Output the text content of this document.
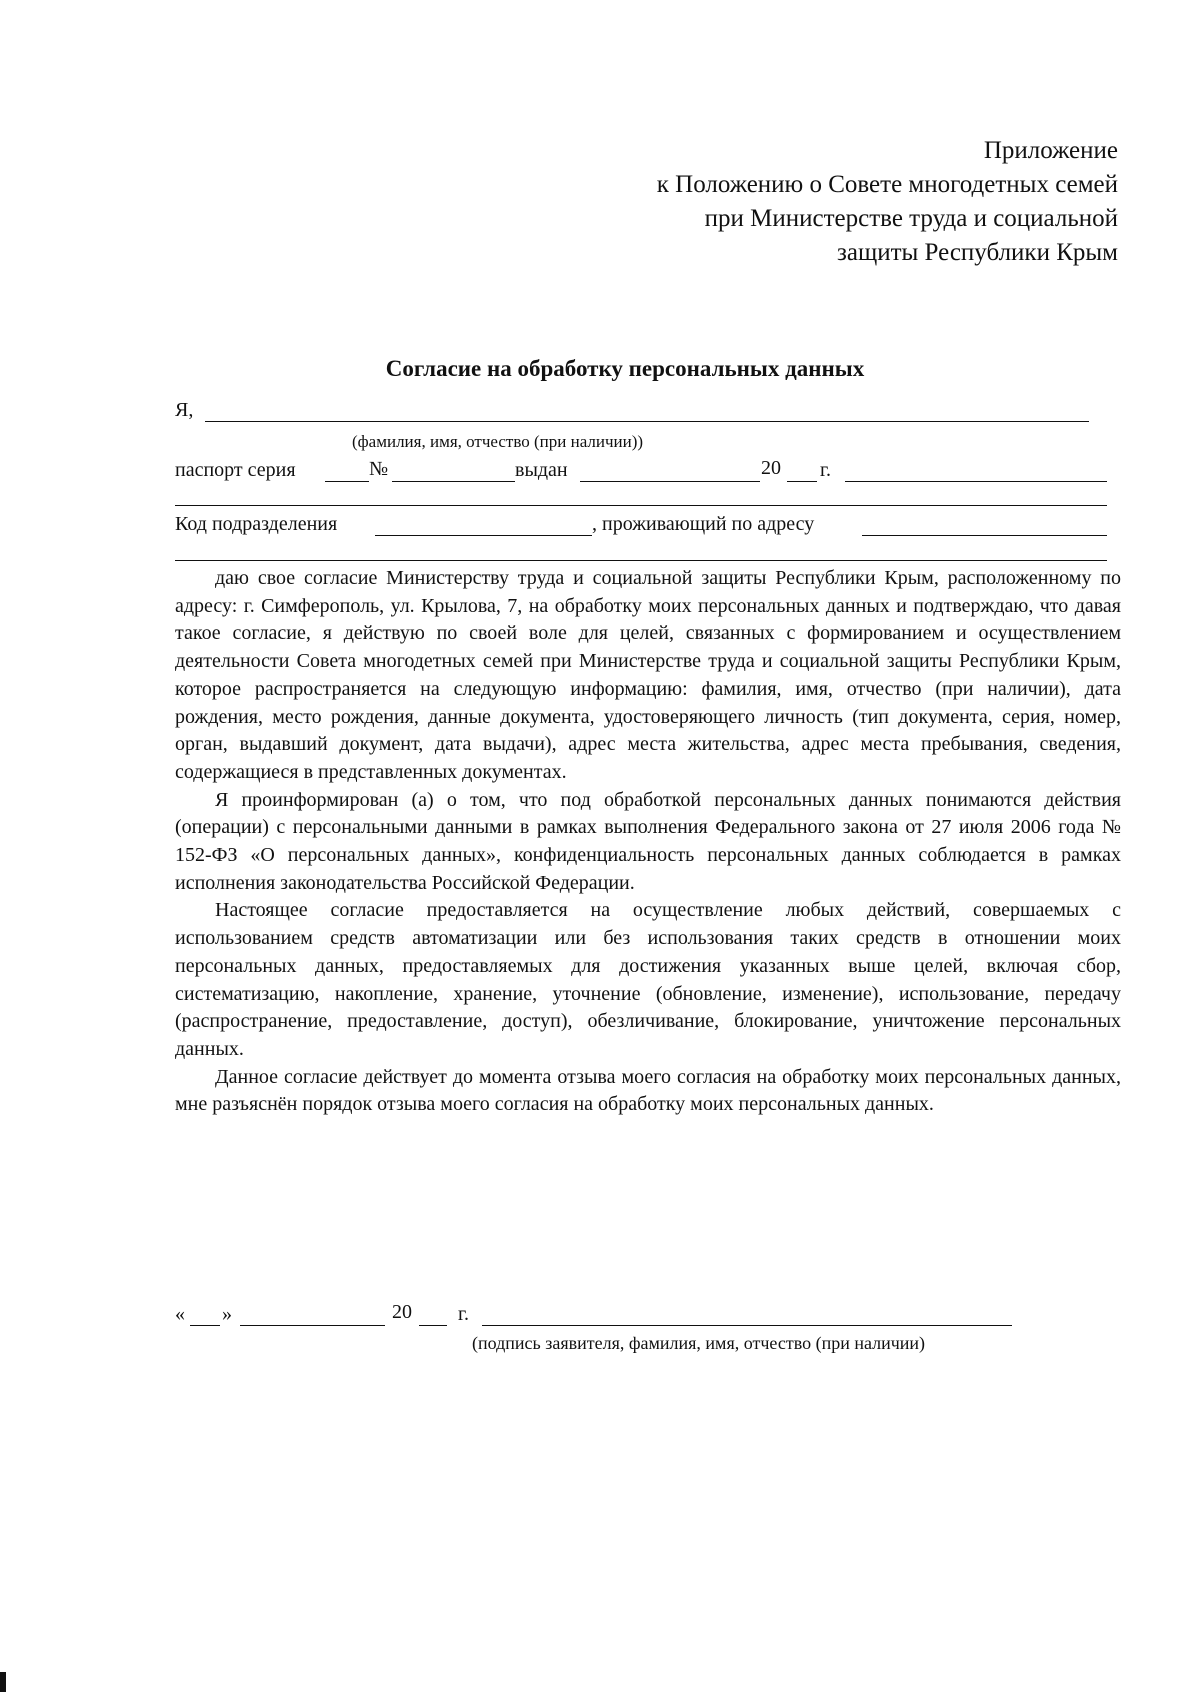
Приложение
к Положению о Совете многодетных семей
при Министерстве труда и социальной
защиты Республики Крым
Согласие на обработку персональных данных
Я,
(фамилия, имя, отчество (при наличии))
паспорт серия	№	выдан	20 г.
Код подразделения	, проживающий по адресу

даю свое согласие Министерству труда и социальной защиты Республики Крым, расположенному по адресу: г. Симферополь, ул. Крылова, 7, на обработку моих персональных данных и подтверждаю, что давая такое согласие, я действую по своей воле для целей, связанных с формированием и осуществлением деятельности Совета многодетных семей при Министерстве труда и социальной защиты Республики Крым, которое распространяется на следующую информацию: фамилия, имя, отчество (при наличии), дата рождения, место рождения, данные документа, удостоверяющего личность (тип документа, серия, номер, орган, выдавший документ, дата выдачи), адрес места жительства, адрес места пребывания, сведения, содержащиеся в представленных документах.

Я проинформирован (а) о том, что под обработкой персональных данных понимаются действия (операции) с персональными данными в рамках выполнения Федерального закона от 27 июля 2006 года № 152-ФЗ «О персональных данных», конфиденциальность персональных данных соблюдается в рамках исполнения законодательства Российской Федерации.

Настоящее согласие предоставляется на осуществление любых действий, совершаемых с использованием средств автоматизации или без использования таких средств в отношении моих персональных данных, предоставляемых для достижения указанных выше целей, включая сбор, систематизацию, накопление, хранение, уточнение (обновление, изменение), использование, передачу (распространение, предоставление, доступ), обезличивание, блокирование, уничтожение персональных данных.

Данное согласие действует до момента отзыва моего согласия на обработку моих персональных данных, мне разъяснён порядок отзыва моего согласия на обработку моих персональных данных.

« »	20 г.
(подпись заявителя, фамилия, имя, отчество (при наличии)
